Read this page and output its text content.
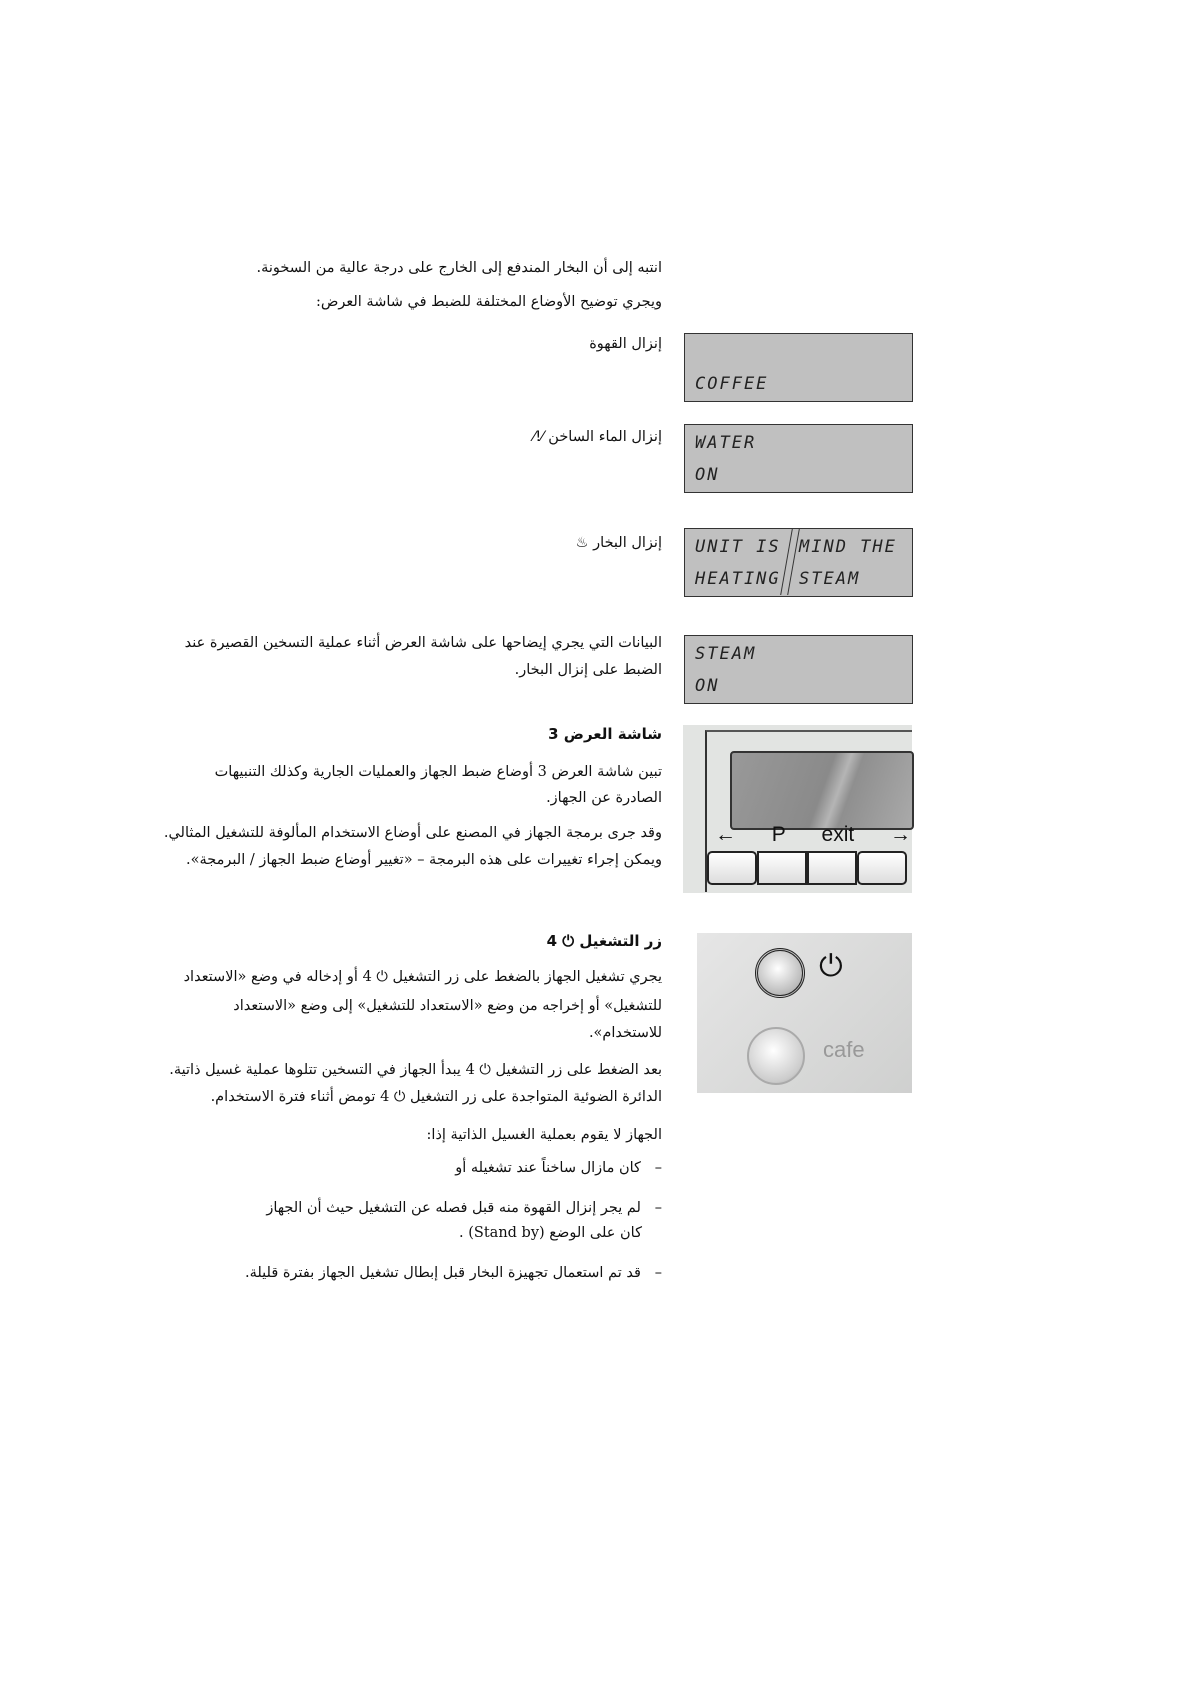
انتبه إلى أن البخار المندفع إلى الخارج على درجة عالية من السخونة.
ويجري توضيح الأوضاع المختلفة للضبط في شاشة العرض:
إنزال القهوة
COFFEE
إنزال الماء الساخن ⁄!⁄	WATER
ON
إنزال البخار ♨	UNIT IS
HEATING
MIND THE
STEAM
البيانات التي يجري إيضاحها على شاشة العرض أثناء عملية التسخين القصيرة عند
الضبط على إنزال البخار.
STEAM
ON
شاشة العرض 3
تبين شاشة العرض 3 أوضاع ضبط الجهاز والعمليات الجارية وكذلك التنبيهات
الصادرة عن الجهاز.
وقد جرى برمجة الجهاز في المصنع على أوضاع الاستخدام المألوفة للتشغيل المثالي.
ويمكن إجراء تغييرات على هذه البرمجة – «تغيير أوضاع ضبط الجهاز / البرمجة».
← P exit →
زر التشغيل ⏻ 4
يجري تشغيل الجهاز بالضغط على زر التشغيل ⏻ 4 أو إدخاله في وضع «الاستعداد
للتشغيل» أو إخراجه من وضع «الاستعداد للتشغيل» إلى وضع «الاستعداد
للاستخدام».
بعد الضغط على زر التشغيل ⏻ 4 يبدأ الجهاز في التسخين تتلوها عملية غسيل ذاتية.
الدائرة الضوئية المتواجدة على زر التشغيل ⏻ 4 تومض أثناء فترة الاستخدام.
الجهاز لا يقوم بعملية الغسيل الذاتية إذا:
–   كان مازال ساخناً عند تشغيله أو
–   لم يجر إنزال القهوة منه قبل فصله عن التشغيل حيث أن الجهاز
كان على الوضع (Stand by) .
–   قد تم استعمال تجهيزة البخار قبل إبطال تشغيل الجهاز بفترة قليلة.
⏻
cafe
